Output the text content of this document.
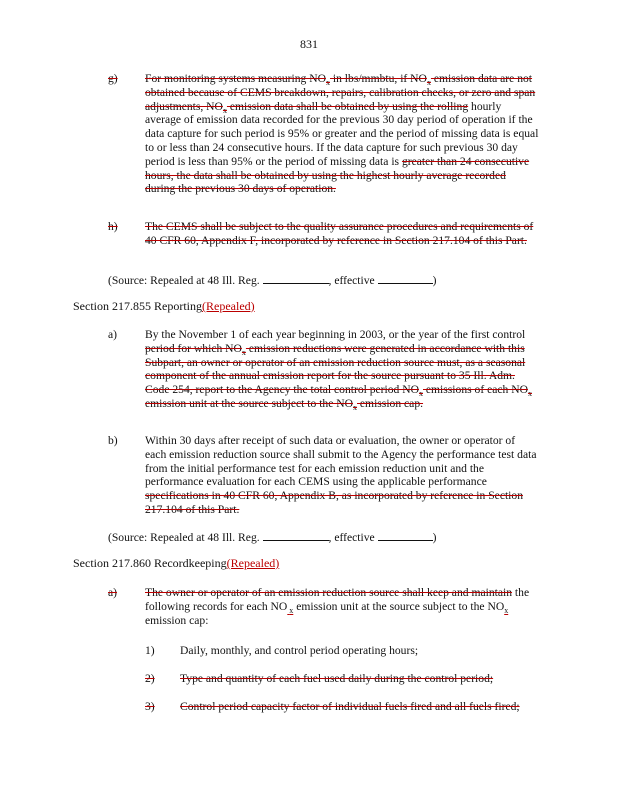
831
g) For monitoring systems measuring $NO_x$ in lbs/mmbtu, if $NO_x$ emission data are not obtained because of CEMS breakdown, repairs, calibration checks, or zero and span adjustments, $NO_x$ emission data shall be obtained by using the rolling hourly average of emission data recorded for the previous 30 day period of operation if the data capture for such period is 95% or greater and the period of missing data is equal to or less than 24 consecutive hours. If the data capture for such previous 30 day period is less than 95% or the period of missing data is greater than 24 consecutive hours, the data shall be obtained by using the highest hourly average recorded during the previous 30 days of operation.
h) The CEMS shall be subject to the quality assurance procedures and requirements of 40 CFR 60, Appendix F, incorporated by reference in Section 217.104 of this Part.
(Source: Repealed at 48 Ill. Reg.	, effective	)
Section 217.855 Reporting(Repealed)
a) By the November 1 of each year beginning in 2003, or the year of the first control period for which $NO_x$ emission reductions were generated in accordance with this Subpart, an owner or operator of an emission reduction source must, as a seasonal component of the annual emission report for the source pursuant to 35 Ill. Adm. Code 254, report to the Agency the total control period $NO_x$ emissions of each $NO_x$ emission unit at the source subject to the $NO_x$ emission cap.
b) Within 30 days after receipt of such data or evaluation, the owner or operator of each emission reduction source shall submit to the Agency the performance test data from the initial performance test for each emission reduction unit and the performance evaluation for each CEMS using the applicable performance specifications in 40 CFR 60, Appendix B, as incorporated by reference in Section 217.104 of this Part.
(Source: Repealed at 48 Ill. Reg.	, effective	)
Section 217.860 Recordkeeping(Repealed)
a) The owner or operator of an emission reduction source shall keep and maintain the following records for each NO $_x$ emission unit at the source subject to the $NO_x$
emission cap:
1) Daily, monthly, and control period operating hours;
2) Type and quantity of each fuel used daily during the control period;
3) Control period capacity factor of individual fuels fired and all fuels fired;
